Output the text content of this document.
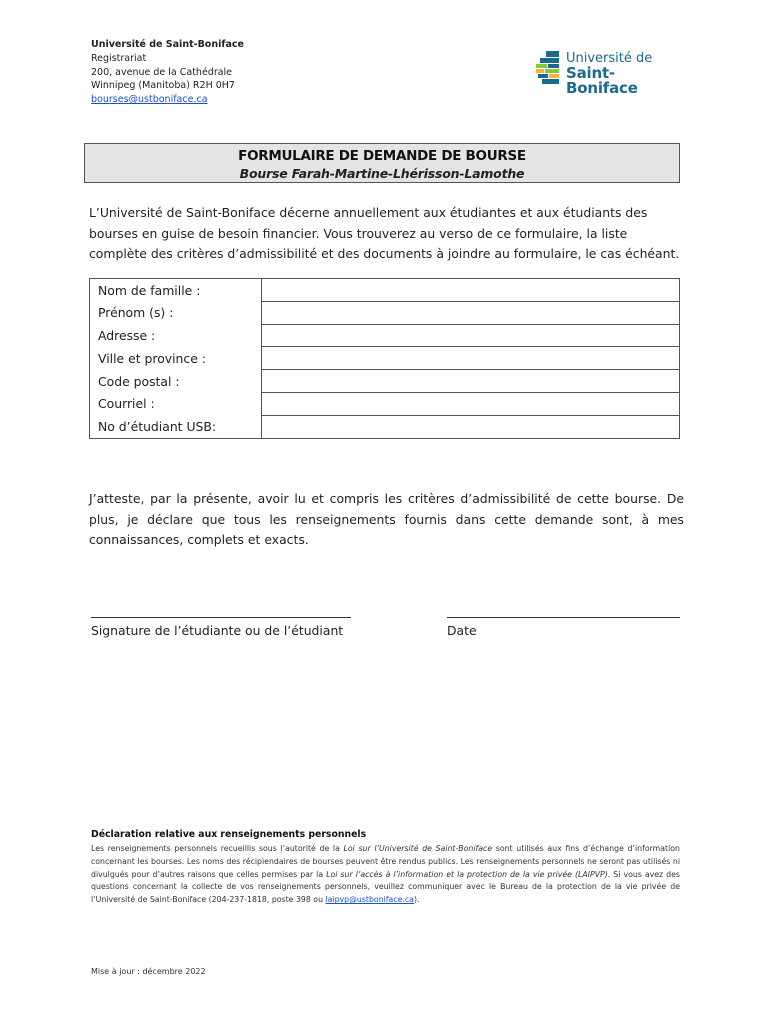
Université de Saint-Boniface
Registrariat
200, avenue de la Cathédrale
Winnipeg (Manitoba) R2H 0H7
bourses@ustboniface.ca
Université de
Saint-Boniface
FORMULAIRE DE DEMANDE DE BOURSE
Bourse Farah-Martine-Lhérisson-Lamothe
L’Université de Saint-Boniface décerne annuellement aux étudiantes et aux étudiants des bourses en guise de besoin financier. Vous trouverez au verso de ce formulaire, la liste complète des critères d’admissibilité et des documents à joindre au formulaire, le cas échéant.
Nom de famille :	
Prénom (s) :	
Adresse :	
Ville et province :	
Code postal :	
Courriel :	
No d’étudiant USB:	
J’atteste, par la présente, avoir lu et compris les critères d’admissibilité de cette bourse. De plus, je déclare que tous les renseignements fournis dans cette demande sont, à mes connaissances, complets et exacts.
Signature de l’étudiante ou de l’étudiant	Date
Déclaration relative aux renseignements personnels
Les renseignements personnels recueillis sous l’autorité de la Loi sur l’Université de Saint-Boniface sont utilisés aux fins d’échange d’information concernant les bourses. Les noms des récipiendaires de bourses peuvent être rendus publics. Les renseignements personnels ne seront pas utilisés ni divulgués pour d’autres raisons que celles permises par la Loi sur l’accès à l’information et la protection de la vie privée (LAIPVP). Si vous avez des questions concernant la collecte de vos renseignements personnels, veuillez communiquer avec le Bureau de la protection de la vie privée de l’Université de Saint-Boniface (204-237-1818, poste 398 ou laipvp@ustboniface.ca).
Mise à jour : décembre 2022
